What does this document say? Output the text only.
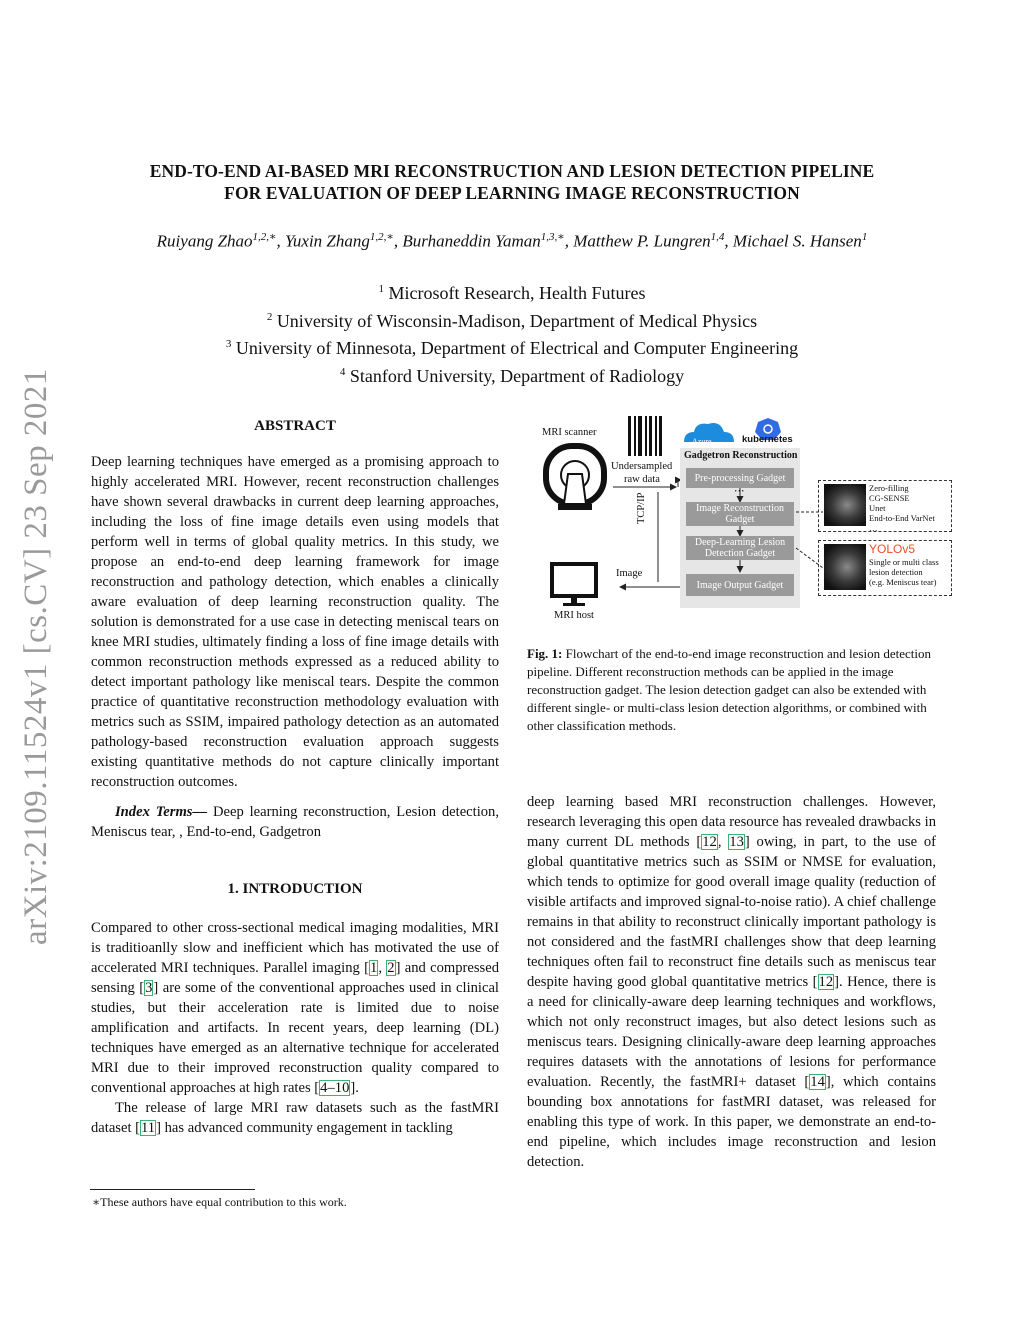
arXiv:2109.11524v1 [cs.CV] 23 Sep 2021
END-TO-END AI-BASED MRI RECONSTRUCTION AND LESION DETECTION PIPELINE
FOR EVALUATION OF DEEP LEARNING IMAGE RECONSTRUCTION
Ruiyang Zhao$^{1,2,∗}$, Yuxin Zhang$^{1,2,∗}$, Burhaneddin Yaman$^{1,3,∗}$, Matthew P. Lungren$^{1,4}$, Michael S. Hansen$^1$
$^1$ Microsoft Research, Health Futures
$^2$ University of Wisconsin-Madison, Department of Medical Physics
$^3$ University of Minnesota, Department of Electrical and Computer Engineering
$^4$ Stanford University, Department of Radiology
ABSTRACT

Deep learning techniques have emerged as a promising approach to highly accelerated MRI. However, recent reconstruction challenges have shown several drawbacks in current deep learning approaches, including the loss of fine image details even using models that perform well in terms of global quality metrics. In this study, we propose an end-to-end deep learning framework for image reconstruction and pathology detection, which enables a clinically aware evaluation of deep learning reconstruction quality. The solution is demonstrated for a use case in detecting meniscal tears on knee MRI studies, ultimately finding a loss of fine image details with common reconstruction methods expressed as a reduced ability to detect important pathology like meniscal tears. Despite the common practice of quantitative reconstruction methodology evaluation with metrics such as SSIM, impaired pathology detection as an automated pathology-based reconstruction evaluation approach suggests existing quantitative methods do not capture clinically important reconstruction outcomes.

Index Terms— Deep learning reconstruction, Lesion detection, Meniscus tear, , End-to-end, Gadgetron

1. INTRODUCTION

Compared to other cross-sectional medical imaging modalities, MRI is traditioanlly slow and inefficient which has motivated the use of accelerated MRI techniques. Parallel imaging [1, 2] and compressed sensing [3] are some of the conventional approaches used in clinical studies, but their acceleration rate is limited due to noise amplification and artifacts. In recent years, deep learning (DL) techniques have emerged as an alternative technique for accelerated MRI due to their improved reconstruction quality compared to conventional approaches at high rates [4–10].

The release of large MRI raw datasets such as the fastMRI dataset [11] has advanced community engagement in tackling

∗These authors have equal contribution to this work.
MRI scanner
Undersampled
raw data
TCP/IP
Image
MRI host
Azure	kubernetes
Gadgetron Reconstruction
Pre-processing Gadget
⋯
Image Reconstruction
Gadget
Deep-Learning Lesion
Detection Gadget
Image Output Gadget
Zero-filling
CG-SENSE
Unet
End-to-End VarNet
…
YOLOv5
Single or multi class
lesion detection
(e.g. Meniscus tear)
Fig. 1: Flowchart of the end-to-end image reconstruction and lesion detection pipeline. Different reconstruction methods can be applied in the image reconstruction gadget. The lesion detection gadget can also be extended with different single- or multi-class lesion detection algorithms, or combined with other classification methods.

deep learning based MRI reconstruction challenges. However, research leveraging this open data resource has revealed drawbacks in many current DL methods [12, 13] owing, in part, to the use of global quantitative metrics such as SSIM or NMSE for evaluation, which tends to optimize for good overall image quality (reduction of visible artifacts and improved signal-to-noise ratio). A chief challenge remains in that ability to reconstruct clinically important pathology is not considered and the fastMRI challenges show that deep learning techniques often fail to reconstruct fine details such as meniscus tear despite having good global quantitative metrics [12]. Hence, there is a need for clinically-aware deep learning techniques and workflows, which not only reconstruct images, but also detect lesions such as meniscus tears. Designing clinically-aware deep learning approaches requires datasets with the annotations of lesions for performance evaluation. Recently, the fastMRI+ dataset [14], which contains bounding box annotations for fastMRI dataset, was released for enabling this type of work. In this paper, we demonstrate an end-to-end pipeline, which includes image reconstruction and lesion detection.
